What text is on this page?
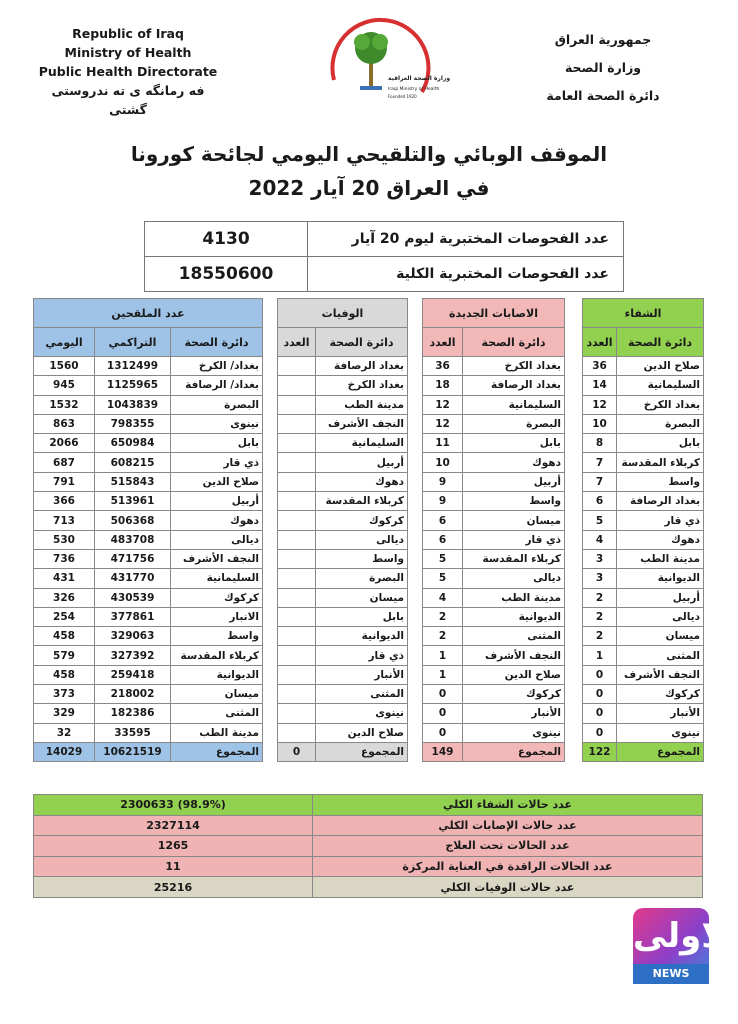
Republic of Iraq
Ministry of Health
Public Health Directorate
فه رمانگه ی ته ندروستی گشتی
وزارة الصحة العراقية
Iraqi Ministry of Health
Founded 1920
جمهورية العراق
وزارة الصحة
دائرة الصحة العامة
الموقف الوبائي والتلقيحي اليومي لجائحة كورونا
في العراق 20 آيار 2022
4130	عدد الفحوصات المختبرية ليوم 20 آيار
18550600	عدد الفحوصات المختبرية الكلية
عدد الملقحين				الوفيات			الاصابات الجديدة			الشفاء	
اليومي	التراكمي	دائرة الصحة		العدد	دائرة الصحة		العدد	دائرة الصحة		العدد	دائرة الصحة
1560	1312499	بغداد/ الكرخ			بغداد الرصافة		36	بغداد الكرخ		36	صلاح الدين
945	1125965	بغداد/ الرصافة			بغداد الكرخ		18	بغداد الرصافة		14	السليمانية
1532	1043839	البصرة			مدينة الطب		12	السليمانية		12	بغداد الكرخ
863	798355	نينوى			النجف الأشرف		12	البصرة		10	البصرة
2066	650984	بابل			السليمانية		11	بابل		8	بابل
687	608215	ذي قار			أربيل		10	دهوك		7	كربلاء المقدسة
791	515843	صلاح الدين			دهوك		9	أربيل		7	واسط
366	513961	أربيل			كربلاء المقدسة		9	واسط		6	بغداد الرصافة
713	506368	دهوك			كركوك		6	ميسان		5	ذي قار
530	483708	ديالى			ديالى		6	ذي قار		4	دهوك
736	471756	النجف الأشرف			واسط		5	كربلاء المقدسة		3	مدينة الطب
431	431770	السليمانية			البصرة		5	ديالى		3	الديوانية
326	430539	كركوك			ميسان		4	مدينة الطب		2	أربيل
254	377861	الانبار			بابل		2	الديوانية		2	ديالى
458	329063	واسط			الديوانية		2	المثنى		2	ميسان
579	327392	كربلاء المقدسة			ذي قار		1	النجف الأشرف		1	المثنى
458	259418	الديوانية			الأنبار		1	صلاح الدين		0	النجف الأشرف
373	218002	ميسان			المثنى		0	كركوك		0	كركوك
329	182386	المثنى			نينوى		0	الأنبار		0	الأنبار
32	33595	مدينة الطب			صلاح الدين		0	نينوى		0	نينوى
14029	10621519	المجموع		0	المجموع		149	المجموع		122	المجموع
2300633 (98.9%)	عدد حالات الشفاء الكلي
2327114	عدد حالات الإصابات الكلي
1265	عدد الحالات تحت العلاج
11	عدد الحالات الراقدة في العناية المركزة
25216	عدد حالات الوفيات الكلي
الاولى
NEWS
